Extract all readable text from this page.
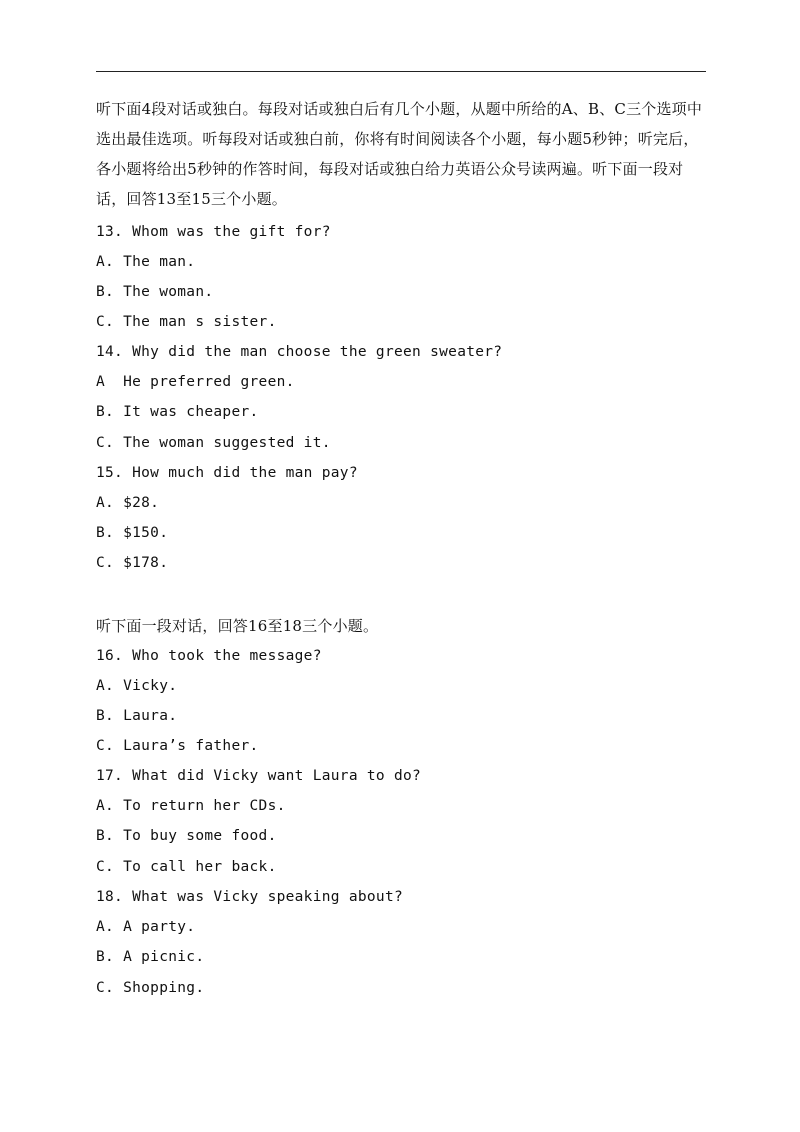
听下面4段对话或独白。每段对话或独白后有几个小题，从题中所给的A、B、C三个选项中选出最佳选项。听每段对话或独白前，你将有时间阅读各个小题，每小题5秒钟；听完后，各小题将给出5秒钟的作答时间，每段对话或独白给力英语公众号读两遍。听下面一段对话，回答13至15三个小题。
13. Whom was the gift for?
A. The man.
B. The woman.
C. The man s sister.
14. Why did the man choose the green sweater?
A  He preferred green.
B. It was cheaper.
C. The woman suggested it.
15. How much did the man pay?
A. $28.
B. $150.
C. $178.
听下面一段对话，回答16至18三个小题。
16. Who took the message?
A. Vicky.
B. Laura.
C. Laura’s father.
17. What did Vicky want Laura to do?
A. To return her CDs.
B. To buy some food.
C. To call her back.
18. What was Vicky speaking about?
A. A party.
B. A picnic.
C. Shopping.
